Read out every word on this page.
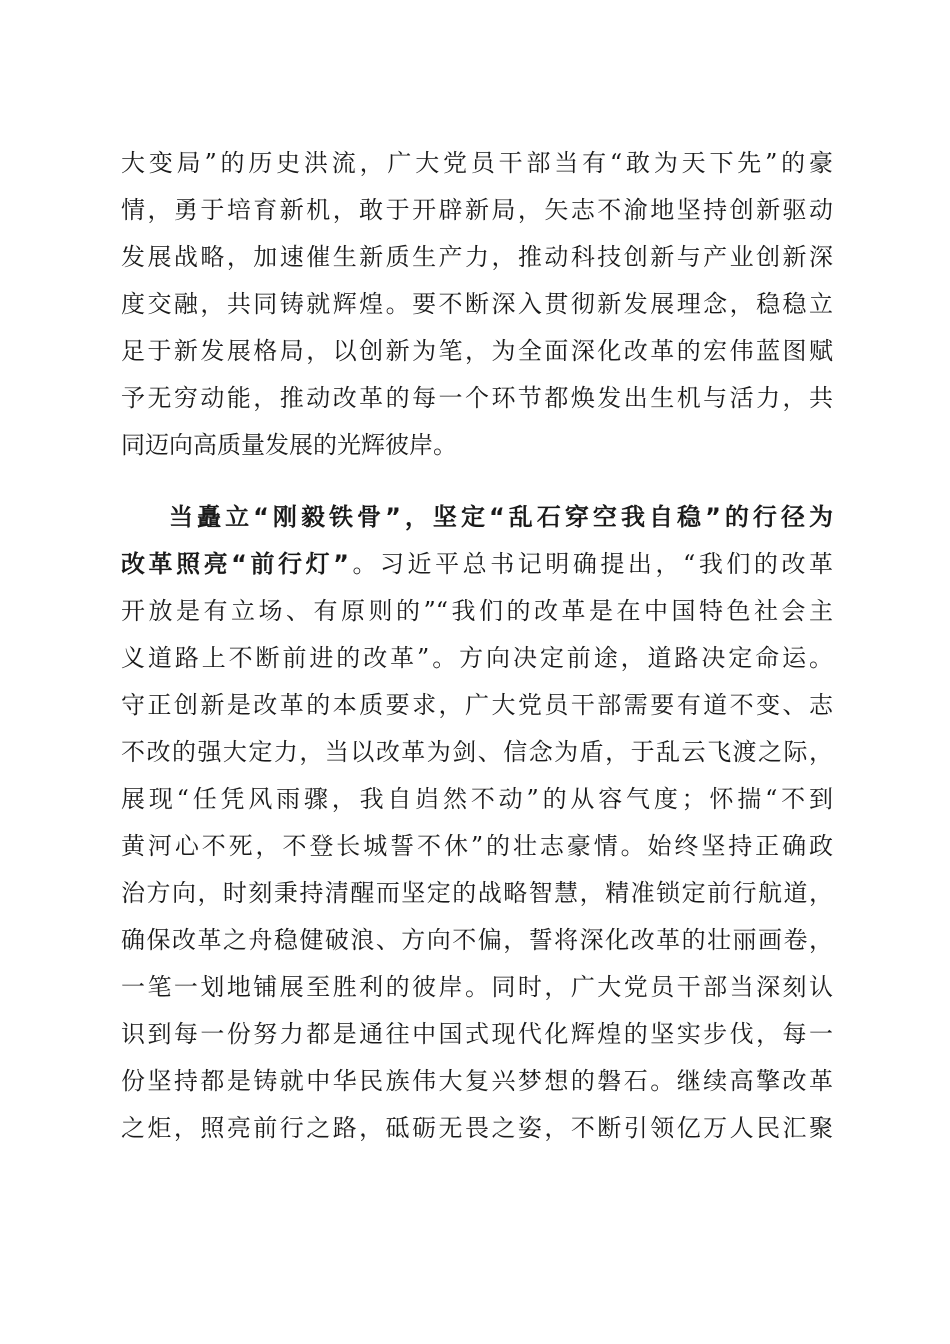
大变局”的历史洪流，广大党员干部当有“敢为天下先”的豪
情，勇于培育新机，敢于开辟新局，矢志不渝地坚持创新驱动
发展战略，加速催生新质生产力，推动科技创新与产业创新深
度交融，共同铸就辉煌。要不断深入贯彻新发展理念，稳稳立
足于新发展格局，以创新为笔，为全面深化改革的宏伟蓝图赋
予无穷动能，推动改革的每一个环节都焕发出生机与活力，共
同迈向高质量发展的光辉彼岸。
当矗立“刚毅铁骨”，坚定“乱石穿空我自稳”的行径为
改革照亮“前行灯”。习近平总书记明确提出，“我们的改革
开放是有立场、有原则的”“我们的改革是在中国特色社会主
义道路上不断前进的改革”。方向决定前途，道路决定命运。
守正创新是改革的本质要求，广大党员干部需要有道不变、志
不改的强大定力，当以改革为剑、信念为盾，于乱云飞渡之际，
展现“任凭风雨骤，我自岿然不动”的从容气度；怀揣“不到
黄河心不死，不登长城誓不休”的壮志豪情。始终坚持正确政
治方向，时刻秉持清醒而坚定的战略智慧，精准锁定前行航道，
确保改革之舟稳健破浪、方向不偏，誓将深化改革的壮丽画卷，
一笔一划地铺展至胜利的彼岸。同时，广大党员干部当深刻认
识到每一份努力都是通往中国式现代化辉煌的坚实步伐，每一
份坚持都是铸就中华民族伟大复兴梦想的磐石。继续高擎改革
之炬，照亮前行之路，砥砺无畏之姿，不断引领亿万人民汇聚
